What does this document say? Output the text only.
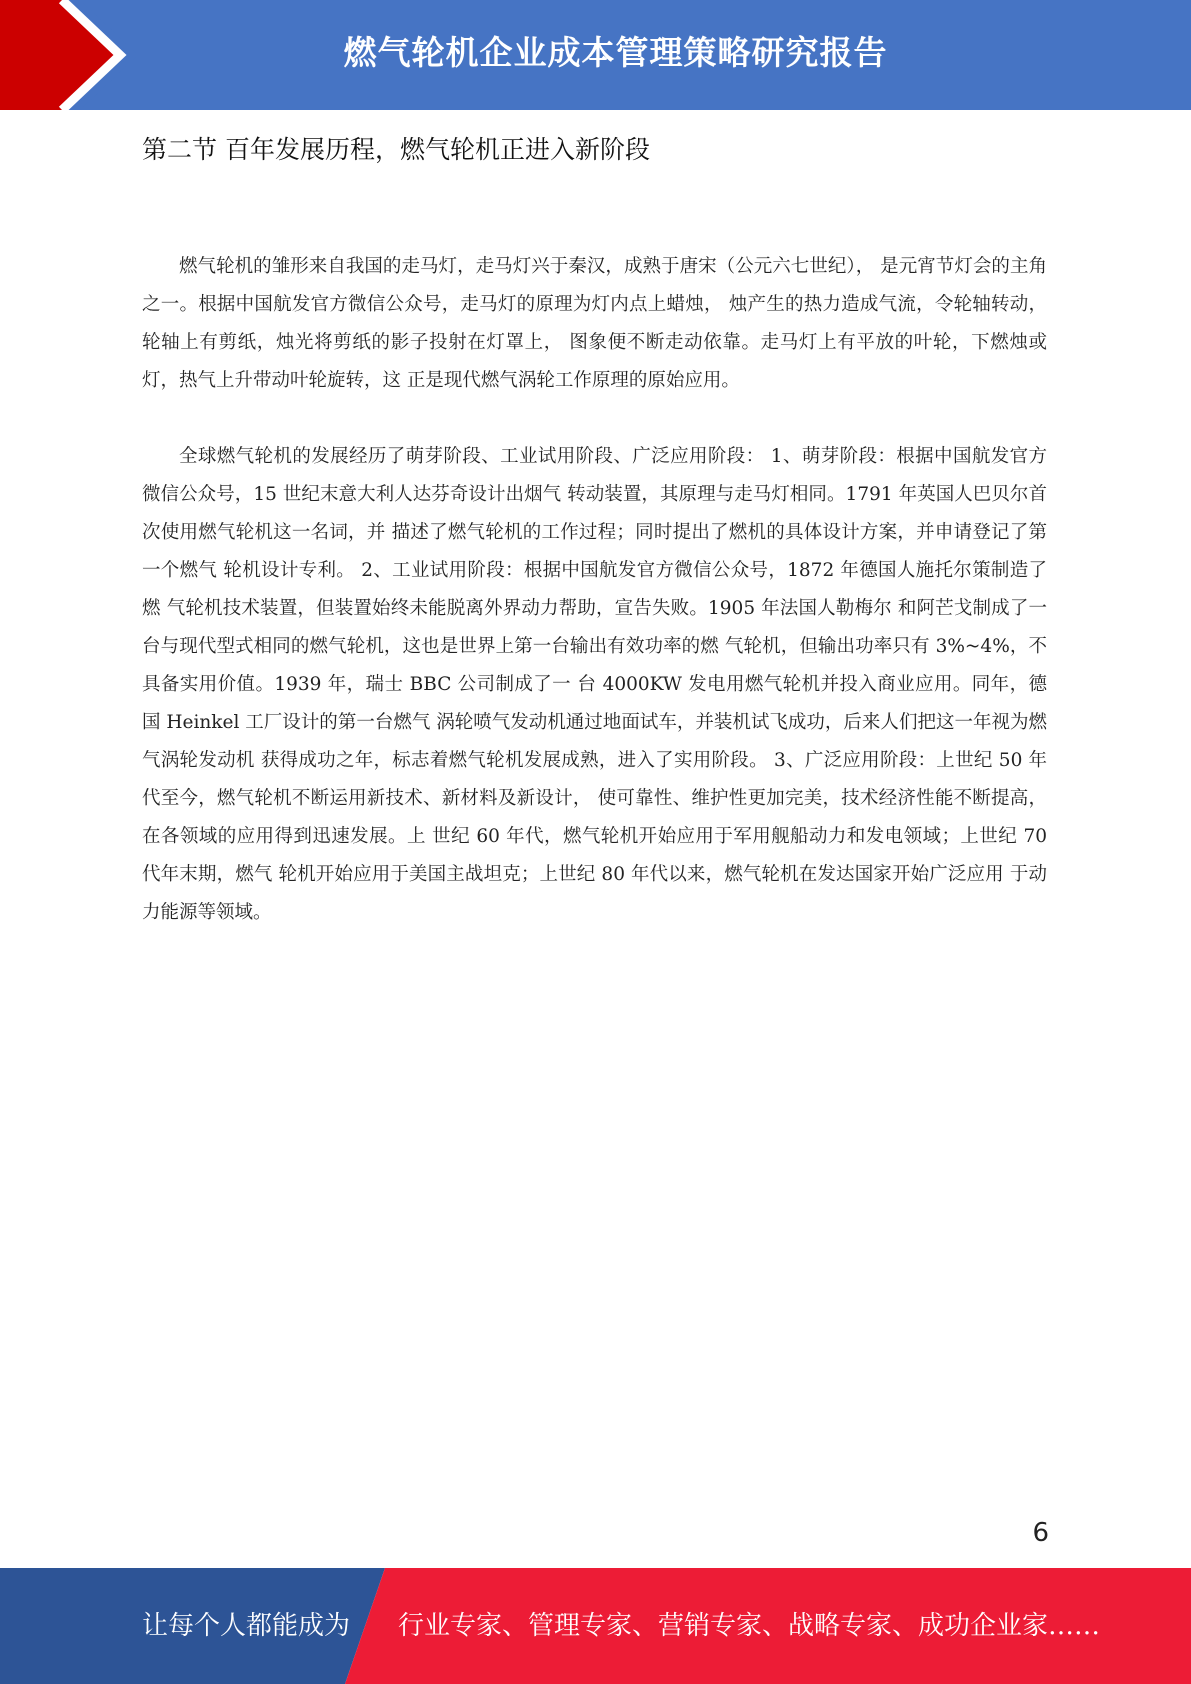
燃气轮机企业成本管理策略研究报告
第二节 百年发展历程，燃气轮机正进入新阶段

燃气轮机的雏形来自我国的走马灯，走马灯兴于秦汉，成熟于唐宋（公元六七世纪）， 是元宵节灯会的主角之一。根据中国航发官方微信公众号，走马灯的原理为灯内点上蜡烛， 烛产生的热力造成气流，令轮轴转动，轮轴上有剪纸，烛光将剪纸的影子投射在灯罩上， 图象便不断走动依靠。走马灯上有平放的叶轮，下燃烛或灯，热气上升带动叶轮旋转，这 正是现代燃气涡轮工作原理的原始应用。

全球燃气轮机的发展经历了萌芽阶段、工业试用阶段、广泛应用阶段： 1、萌芽阶段：根据中国航发官方微信公众号，15 世纪末意大利人达芬奇设计出烟气 转动装置，其原理与走马灯相同。1791 年英国人巴贝尔首次使用燃气轮机这一名词，并 描述了燃气轮机的工作过程；同时提出了燃机的具体设计方案，并申请登记了第一个燃气 轮机设计专利。 2、工业试用阶段：根据中国航发官方微信公众号，1872 年德国人施托尔策制造了燃 气轮机技术装置，但装置始终未能脱离外界动力帮助，宣告失败。1905 年法国人勒梅尔 和阿芒戈制成了一台与现代型式相同的燃气轮机，这也是世界上第一台输出有效功率的燃 气轮机，但输出功率只有 3%~4%，不具备实用价值。1939 年，瑞士 BBC 公司制成了一 台 4000KW 发电用燃气轮机并投入商业应用。同年，德国 Heinkel 工厂设计的第一台燃气 涡轮喷气发动机通过地面试车，并装机试飞成功，后来人们把这一年视为燃气涡轮发动机 获得成功之年，标志着燃气轮机发展成熟，进入了实用阶段。 3、广泛应用阶段：上世纪 50 年代至今，燃气轮机不断运用新技术、新材料及新设计， 使可靠性、维护性更加完美，技术经济性能不断提高，在各领域的应用得到迅速发展。上 世纪 60 年代，燃气轮机开始应用于军用舰船动力和发电领域；上世纪 70 代年末期，燃气 轮机开始应用于美国主战坦克；上世纪 80 年代以来，燃气轮机在发达国家开始广泛应用 于动力能源等领域。

6
让每个人都能成为 行业专家、管理专家、营销专家、战略专家、成功企业家……
